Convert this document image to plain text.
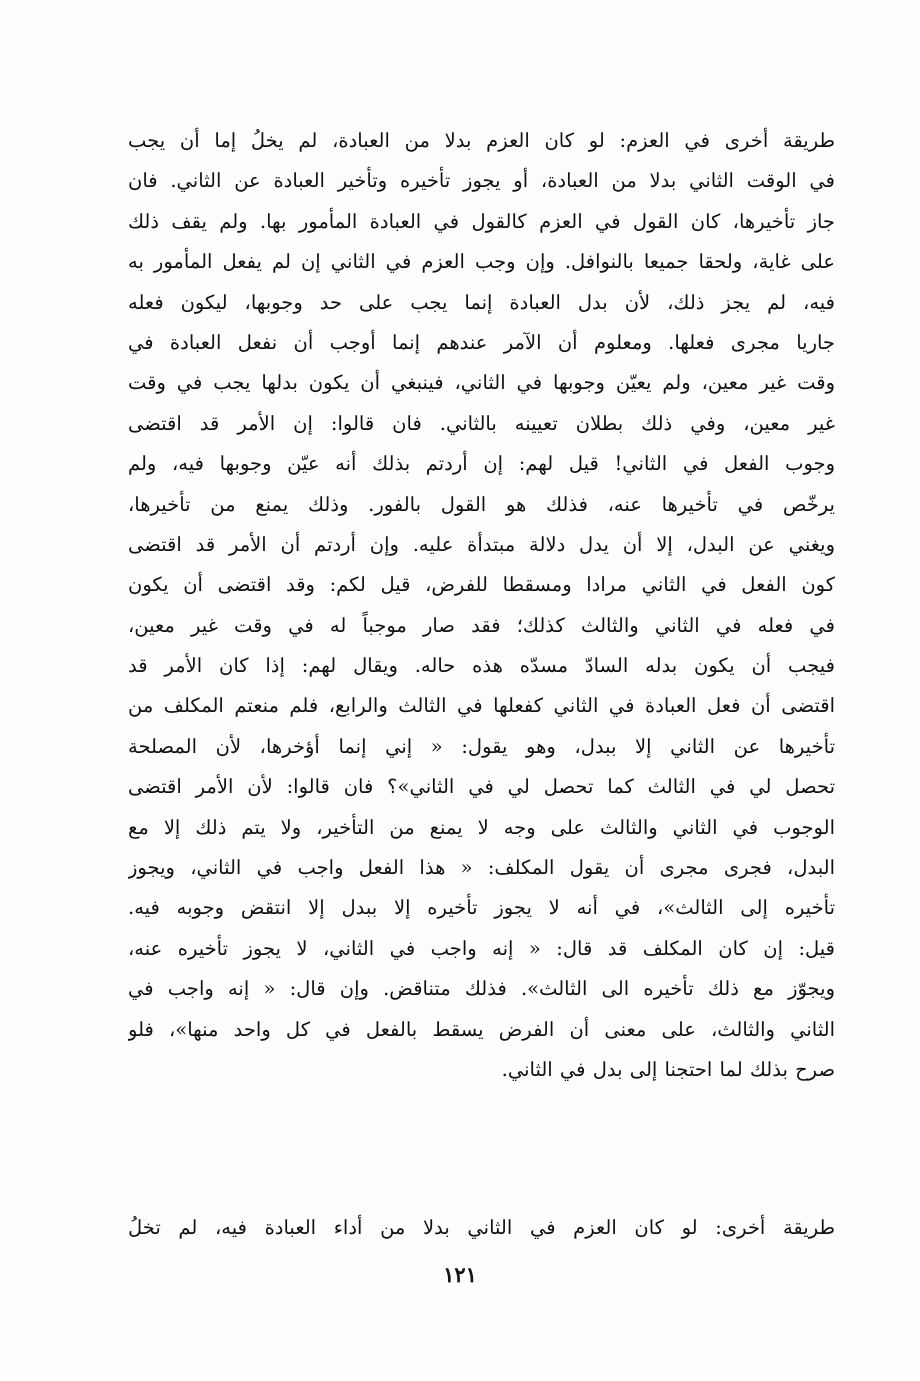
طريقة أخرى في العزم: لو كان العزم بدلا من العبادة، لم يخلُ إما أن يجب
في الوقت الثاني بدلا من العبادة، أو يجوز تأخيره وتأخير العبادة عن الثاني. فان
جاز تأخيرها، كان القول في العزم كالقول في العبادة المأمور بها. ولم يقف ذلك
على غاية، ولحقا جميعا بالنوافل. وإن وجب العزم في الثاني إن لم يفعل المأمور به
فيه، لم يجز ذلك، لأن بدل العبادة إنما يجب على حد وجوبها، ليكون فعله
جاريا مجرى فعلها. ومعلوم أن الآمر عندهم إنما أوجب أن نفعل العبادة في
وقت غير معين، ولم يعيّن وجوبها في الثاني، فينبغي أن يكون بدلها يجب في وقت
غير معين، وفي ذلك بطلان تعيينه بالثاني. فان قالوا: إن الأمر قد اقتضى
وجوب الفعل في الثاني! قيل لهم: إن أردتم بذلك أنه عيّن وجوبها فيه، ولم
يرخّص في تأخيرها عنه، فذلك هو القول بالفور. وذلك يمنع من تأخيرها،
ويغني عن البدل، إلا أن يدل دلالة مبتدأة عليه. وإن أردتم أن الأمر قد اقتضى
كون الفعل في الثاني مرادا ومسقطا للفرض، قيل لكم: وقد اقتضى أن يكون
في فعله في الثاني والثالث كذلك؛ فقد صار موجباً له في وقت غير معين،
فيجب أن يكون بدله السادّ مسدّه هذه حاله. ويقال لهم: إذا كان الأمر قد
اقتضى أن فعل العبادة في الثاني كفعلها في الثالث والرابع، فلم منعتم المكلف من
تأخيرها عن الثاني إلا ببدل، وهو يقول: « إني إنما أؤخرها، لأن المصلحة
تحصل لي في الثالث كما تحصل لي في الثاني»؟ فان قالوا: لأن الأمر اقتضى
الوجوب في الثاني والثالث على وجه لا يمنع من التأخير، ولا يتم ذلك إلا مع
البدل، فجرى مجرى أن يقول المكلف: « هذا الفعل واجب في الثاني، ويجوز
تأخيره إلى الثالث»، في أنه لا يجوز تأخيره إلا ببدل إلا انتقض وجوبه فيه.
قيل: إن كان المكلف قد قال: « إنه واجب في الثاني، لا يجوز تأخيره عنه،
ويجوّز مع ذلك تأخيره الى الثالث». فذلك متناقض. وإن قال: « إنه واجب في
الثاني والثالث، على معنى أن الفرض يسقط بالفعل في كل واحد منها»، فلو
صرح بذلك لما احتجنا إلى بدل في الثاني.
طريقة أخرى: لو كان العزم في الثاني بدلا من أداء العبادة فيه، لم تخلُ
١٢١
